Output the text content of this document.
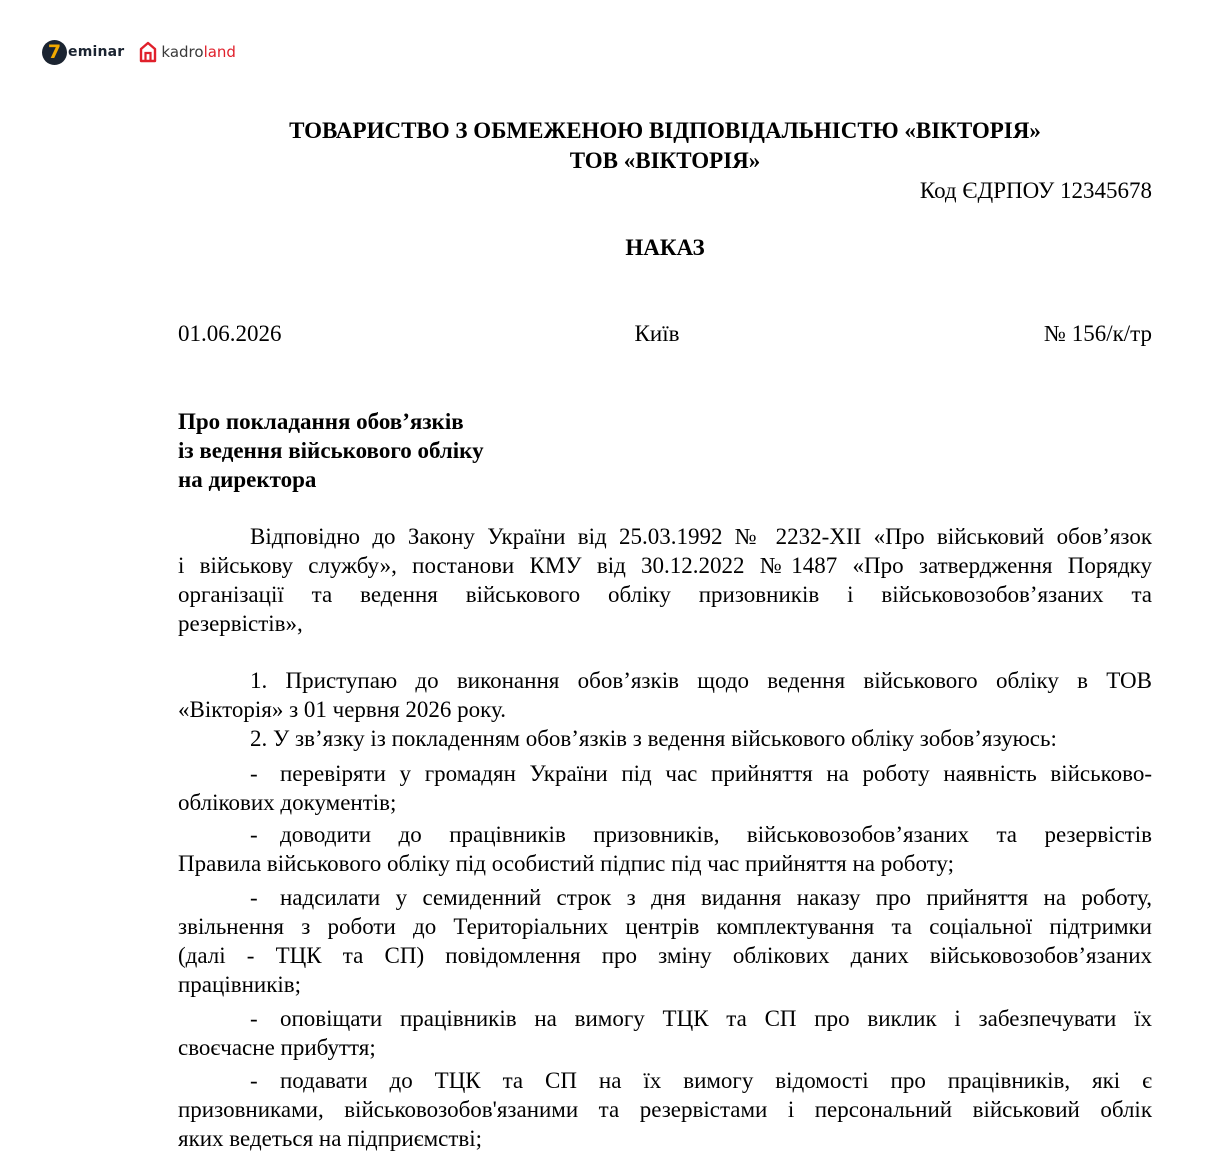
7 eminar kadro land
ТОВАРИСТВО З ОБМЕЖЕНОЮ ВІДПОВІДАЛЬНІСТЮ «ВІКТОРІЯ»
ТОВ «ВІКТОРІЯ»
Код ЄДРПОУ 12345678
НАКАЗ
01.06.2026	Київ	№ 156/к/тр
Про покладання обов’язків
із ведення військового обліку
на директора
Відповідно до Закону України від 25.03.1992 № 2232-ХІІ «Про військовий обов’язок
і військову службу», постанови КМУ від 30.12.2022 №1487 «Про затвердження Порядку
організації та ведення військового обліку призовників і військовозобов’язаних та
резервістів»,
1. Приступаю до виконання обов’язків щодо ведення військового обліку в ТОВ
«Вікторія» з 01 червня 2026 року.
2. У зв’язку із покладенням обов’язків з ведення військового обліку зобов’язуюсь:
- перевіряти у громадян України під час прийняття на роботу наявність військово-
облікових документів;
- доводити до працівників призовників, військовозобов’язаних та резервістів
Правила військового обліку під особистий підпис під час прийняття на роботу;
- надсилати у семиденний строк з дня видання наказу про прийняття на роботу,
звільнення з роботи до Територіальних центрів комплектування та соціальної підтримки
(далі - ТЦК та СП) повідомлення про зміну облікових даних військовозобов’язаних
працівників;
- оповіщати працівників на вимогу ТЦК та СП про виклик і забезпечувати їх
своєчасне прибуття;
- подавати до ТЦК та СП на їх вимогу відомості про працівників, які є
призовниками, військовозобов'язаними та резервістами і персональний військовий облік
яких ведеться на підприємстві;
